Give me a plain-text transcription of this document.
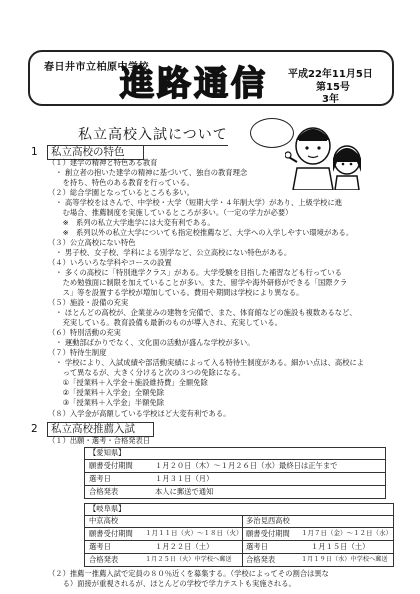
春日井市立柏原中学校
進路通信 平成22年11月5日
第15号
3年
私立高校入試について
1 私立高校の特色
（１）建学の精神と特色ある教育
　・ 創立者の抱いた建学の精神に基づいて、独自の教育理念
　　を持ち、特色のある教育を行っている。
（２）総合学園となっているところも多い。
　・ 高等学校をはさんで、中学校・大学（短期大学・４年制大学）があり、上級学校に進
　　む場合、推薦制度を実施しているところが多い。（一定の学力が必要）
　　※　系列の私立大学進学には大変有利である。
　　※　系列以外の私立大学についても指定校推薦など、大学への入学しやすい環境がある。
（３）公立高校にない特色
　・ 男子校、女子校、学科による別学など、公立高校にない特色がある。
（４）いろいろな学科やコースの設置
　・ 多くの高校に「特別進学クラス」がある。大学受験を目指した補習なども行っている
　　ため勉強面に制限を加えていることが多い。また、留学や海外研修ができる「国際クラ
　　ス」等を設置する学校が増加している。費用や期間は学校により異なる。
（５）施設・設備の充実
　・ ほとんどの高校が、企業並みの建物を完備で、また、体育館などの施設も複数あるなど、
　　充実している。教育設備も最新のものが導入され、充実している。
（６）特別活動の充実
　・ 運動部ばかりでなく、文化面の活動が盛んな学校が多い。
（７）特待生制度
　・ 学校により、入試成績や部活動実績によって入る特待生制度がある。細かい点は、高校によ
　　って異なるが、大きく分けると次の３つの免除になる。
　　①「授業料＋入学金＋施設維持費」全額免除
　　②「授業料＋入学金」全額免除
　　③「授業料＋入学金」半額免除
（８）入学金が高額している学校ほど大変有利である。
2 私立高校推薦入試
（１）出願・選考・合格発表日
【愛知県】
願書受付期間	１月２０日（木）～１月２６日（水）最終日は正午まで
選考日	１月３１日（月）
合格発表	本人に郵送で通知
【岐阜県】
中京高校	多治見西高校
願書受付期間 １月１１日（火）～１８日（火） 願書受付期間 １月７日（金）～１２日（水）
選考日	１月２２日（土）	選考日	１月１５日（土）
合格発表	１月２５日（火）中学校へ郵送 合格発表	１月１９日（水）中学校へ郵送
（２）推薦一推薦入試で定員の８０％近くを募集する。（学校によってその割合は異な
　　る）面接が重視されるが、ほとんどの学校で学力テストも実施される。
